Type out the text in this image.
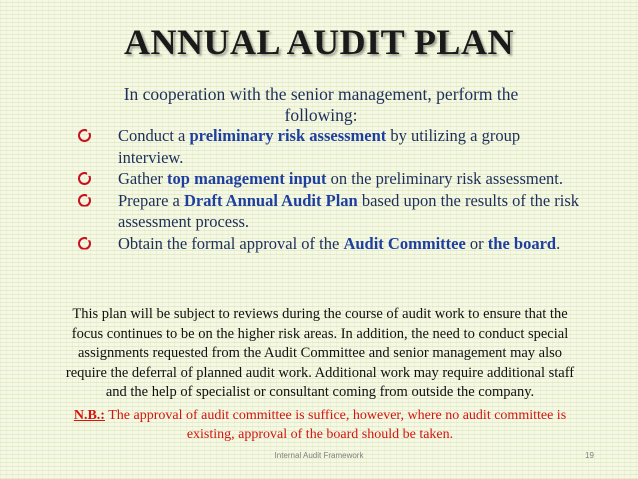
ANNUAL AUDIT PLAN
In cooperation with the senior management, perform the following:
Conduct a preliminary risk assessment by utilizing a group interview.
Gather top management input on the preliminary risk assessment.
Prepare a Draft Annual Audit Plan based upon the results of the risk assessment process.
Obtain the formal approval of the Audit Committee or the board.
This plan will be subject to reviews during the course of audit work to ensure that the focus continues to be on the higher risk areas. In addition, the need to conduct special assignments requested from the Audit Committee and senior management may also require the deferral of planned audit work. Additional work may require additional staff and the help of specialist or consultant coming from outside the company.
N.B.: The approval of audit committee is suffice, however, where no audit committee is existing, approval of the board should be taken.
Internal Audit Framework	19
